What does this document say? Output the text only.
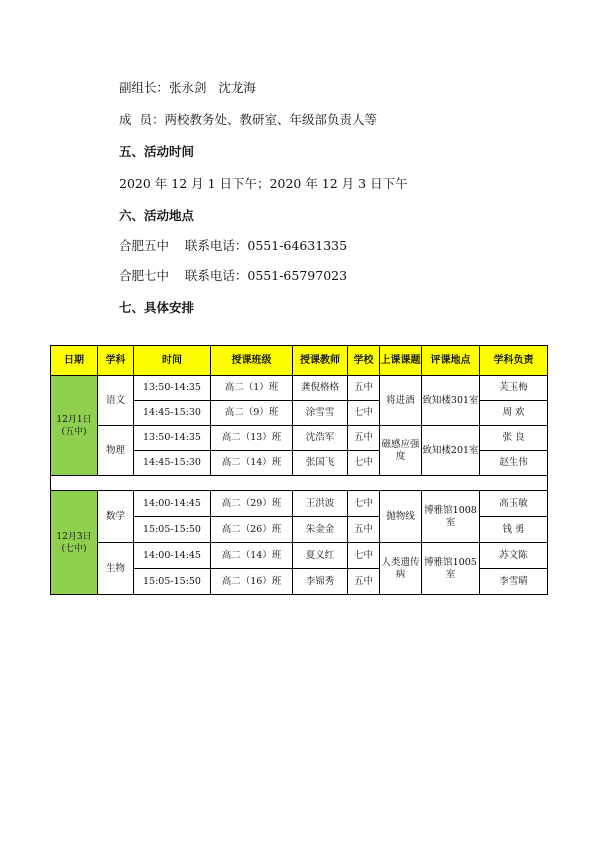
副组长：张永剑   沈龙海
成  员：两校教务处、教研室、年级部负责人等
五、活动时间
2020 年 12 月 1 日下午；2020 年 12 月 3 日下午
六、活动地点
合肥五中    联系电话：0551-64631335
合肥七中    联系电话：0551-65797023
七、具体安排
日期	学科	时间	授课班级	授课教师	学校	上课课题	评课地点	学科负责
12月1日(五中)	语文	13:50-14:35	高二（1）班	龚倪格格	五中	将进酒	致知楼301室	芙玉梅
		14:45-15:30	高二（9）班	涂雪雪	七中			周 欢
	物理	13:50-14:35	高二（13）班	沈浩军	五中	磁感应强度	致知楼201室	张 良
		14:45-15:30	高二（14）班	张国飞	七中			赵生伟

12月3日(七中)	数学	14:00-14:45	高二（29）班	王洪波	七中	抛物线	博雅馆1008室	高玉敏
		15:05-15:50	高二（26）班	朱金金	五中			钱 勇
	生物	14:00-14:45	高二（14）班	夏义红	七中	人类遗传病	博雅馆1005室	苏文陈
		15:05-15:50	高二（16）班	李锦秀	五中			李雪晴
